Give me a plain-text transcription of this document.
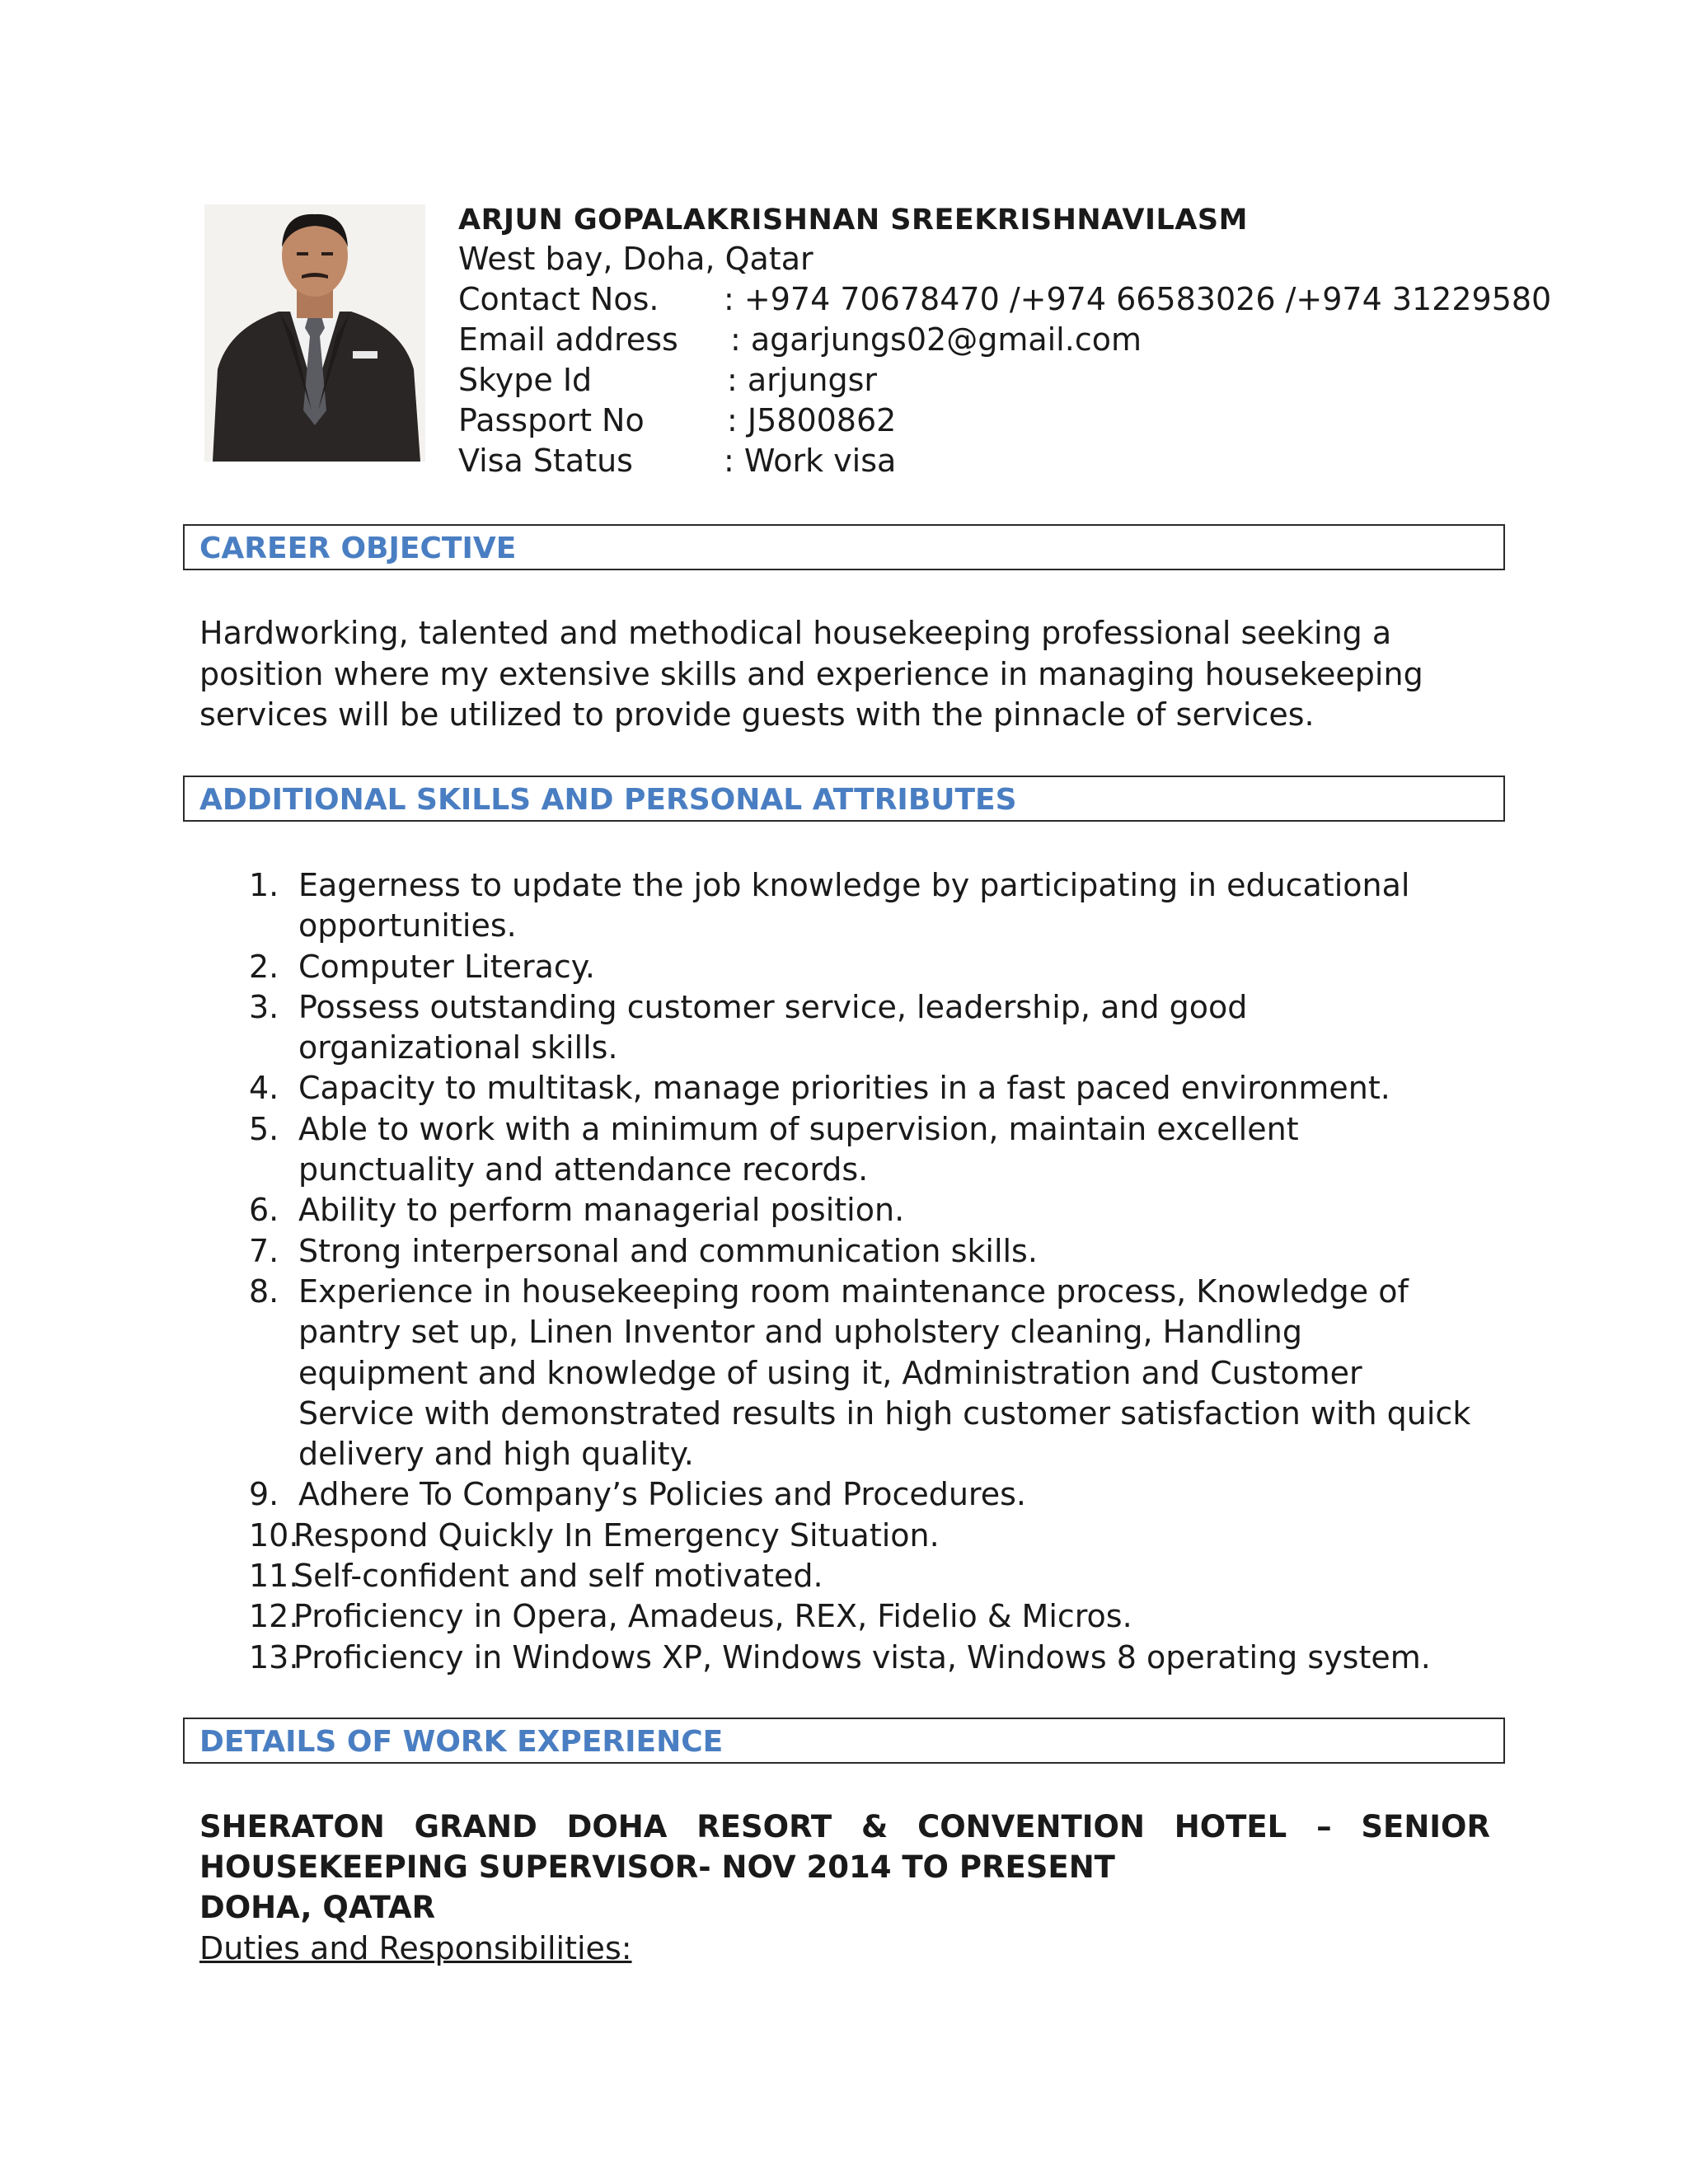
ARJUN GOPALAKRISHNAN SREEKRISHNAVILASM
West bay, Doha, Qatar
Contact Nos. : +974 70678470 /+974 66583026 /+974 31229580
Email address : agarjungs02@gmail.com
Skype Id	: arjungsr
Passport No	: J5800862
Visa Status	: Work visa
CAREER OBJECTIVE
Hardworking, talented and methodical housekeeping professional seeking a
position where my extensive skills and experience in managing housekeeping
services will be utilized to provide guests with the pinnacle of services.
ADDITIONAL SKILLS AND PERSONAL ATTRIBUTES
1. Eagerness to update the job knowledge by participating in educational
opportunities.
2. Computer Literacy.
3. Possess outstanding customer service, leadership, and good
organizational skills.
4. Capacity to multitask, manage priorities in a fast paced environment.
5. Able to work with a minimum of supervision, maintain excellent
punctuality and attendance records.
6. Ability to perform managerial position.
7. Strong interpersonal and communication skills.
8. Experience in housekeeping room maintenance process, Knowledge of
pantry set up, Linen Inventor and upholstery cleaning, Handling
equipment and knowledge of using it, Administration and Customer
Service with demonstrated results in high customer satisfaction with quick
delivery and high quality.
9. Adhere To Company’s Policies and Procedures.
10.
Respond Quickly In Emergency Situation.
11.
Self-confident and self motivated.
12.
Proficiency in Opera, Amadeus, REX, Fidelio & Micros.
13.
Proficiency in Windows XP, Windows vista, Windows 8 operating system.
DETAILS OF WORK EXPERIENCE
SHERATON GRAND DOHA RESORT & CONVENTION HOTEL – SENIOR
HOUSEKEEPING SUPERVISOR- NOV 2014 TO PRESENT
DOHA, QATAR
Duties and Responsibilities:
